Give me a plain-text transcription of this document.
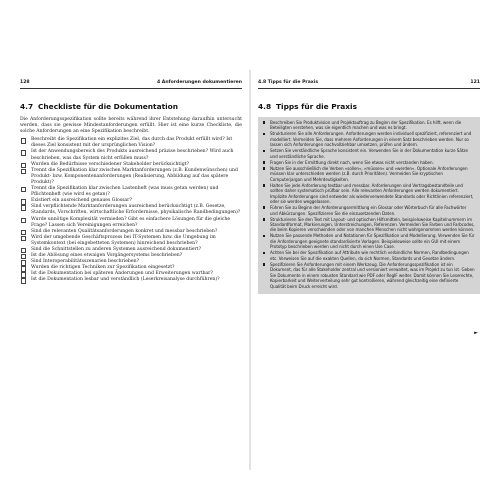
128	4 Anforderungen dokumentieren
4.7 Checkliste für die Dokumentation

Die Anforderungsspezifikation sollte bereits während ihrer Entstehung daraufhin untersucht werden, dass sie gewisse Mindestanforderungen erfüllt. Hier ist eine kurze Checkliste, die solche Anforderungen an eine Spezifikation beschreibt.

Beschreibt die Spezifikation ein explizites Ziel, das durch das Produkt erfüllt wird? Ist dieses Ziel konsistent mit der ursprünglichen Vision?
Ist der Anwendungsbereich des Produkts ausreichend präzise beschrieben? Wird auch beschrieben, was das System nicht erfüllen muss?
Wurden die Bedürfnisse verschiedener Stakeholder berücksichtigt?
Trennt die Spezifikation klar zwischen Marktanforderungen (z.B. Kundenwünschen) und Produkt- bzw. Komponentenanforderungen (Realisierung, Abbildung auf das spätere Produkt)?
Trennt die Spezifikation klar zwischen Lastenheft (was muss getan werden) und Pflichtenheft (wie wird es getan)?
Existiert ein ausreichend genaues Glossar?
Sind verpflichtende Marktanforderungen ausreichend berücksichtigt (z.B. Gesetze, Standards, Vorschriften, wirtschaftliche Erfordernisse, physikalische Randbedingungen)?
Wurde unnötige Komplexität vermieden? Gibt es einfachere Lösungen für die gleiche Frage? Lassen sich Vereinigungen erreichen?
Sind die relevanten Qualitätsanforderungen konkret und messbar beschrieben?
Wird der umgebende Geschäftsprozess bei IT-Systemen bzw. die Umgebung im Systemkontext (bei eingebetteten Systemen) hinreichend beschrieben?
Sind die Schnittstellen zu anderen Systemen ausreichend dokumentiert?
Ist die Ablösung eines etwaigen Vorgängersystems beschrieben?
Sind Interoperabilitätsszenarien beschrieben?
Wurden die richtigen Techniken zur Spezifikation eingesetzt?
Ist die Dokumentation bei späteren Änderungen und Erweiterungen wartbar?
Ist die Dokumentation lesbar und verständlich (Leserkreisanalyse durchführen)?
4.8 Tipps für die Praxis	121
4.8 Tipps für die Praxis
Beschreiben Sie Produktvision und Projektauftrag zu Beginn der Spezifikation. Es hilft, wenn die Beteiligten verstehen, was sie eigentlich machen und was es bringt.
Strukturieren Sie alle Anforderungen. Anforderungen werden individuell spezifiziert, referenziert und modelliert. Vermeiden Sie, dass mehrere Anforderungen in einem Satz beschrieben werden. Nur so lassen sich Anforderungen nachvollziehbar umsetzen, prüfen und ändern.
Setzen Sie verständliche Sprache konsistent ein. Verwenden Sie in der Dokumentation kurze Sätze und verständliche Sprache.
Fragen Sie in der Ermittlung direkt nach, wenn Sie etwas nicht verstanden haben.
Nutzen Sie ausschließlich die Verben »sollen«, »müssen« und »werden«. Optionale Anforderungen müssen klar unterschieden werden (z.B. durch Prioritäten). Vermeiden Sie kryptischen Computerjargon und Mehrdeutigkeiten.
Halten Sie jede Anforderung testbar und messbar. Anforderungen sind Vertragsbestandteile und sollten daher systematisch prüfbar sein. Alle relevanten Anforderungen werden dokumentiert. Implizite Anforderungen sind entweder als wiederverwendete Standards oder Richtlinien referenziert, oder sie werden weggelassen.
Führen Sie zu Beginn der Anforderungsermittlung ein Glossar oder Wörterbuch für alle Fachwörter und Abkürzungen. Spezifizieren Sie die einzusetzenden Daten.
Strukturieren Sie den Text mit Layout- und optischen Hilfsmitteln, beispielsweise Kapitelnummern im Standardformat, Markierungen, Unterstreichungen, Referenzen. Vermeiden Sie Farben und Farbcodes, die beim Kopieren verschwinden oder von manchen Menschen nicht wahrgenommen werden können.
Nutzen Sie passende Methoden und Notationen für Spezifikation und Modellierung. Verwenden Sie für die Anforderungen geeignete standardisierte Vorlagen. Beispielsweise sollte ein GUI mit einem Prototyp beschrieben werden und nicht durch einen Use Case.
Achten Sie bei der Spezifikation auf Attribute wie rechtlich verbindliche Normen, Randbedingungen etc. Verweisen Sie auf die exakten Quellen, da sich Normen, Standards und Gesetze ändern.
Spezifizieren Sie Anforderungen mit einem Werkzeug. Die Anforderungsspezifikation ist ein Dokument, das für alle Stakeholder zentral und versioniert verwaltet, was im Projekt zu tun ist. Geben Sie Dokumente in einem robusten Standard wie PDF oder RegIF weiter. Damit können Sie Leserechte, Kopierbarkeit und Weiterverteilung sehr gut kontrollieren, während gleichzeitig eine definierte Qualität beim Druck erreicht wird.
►
